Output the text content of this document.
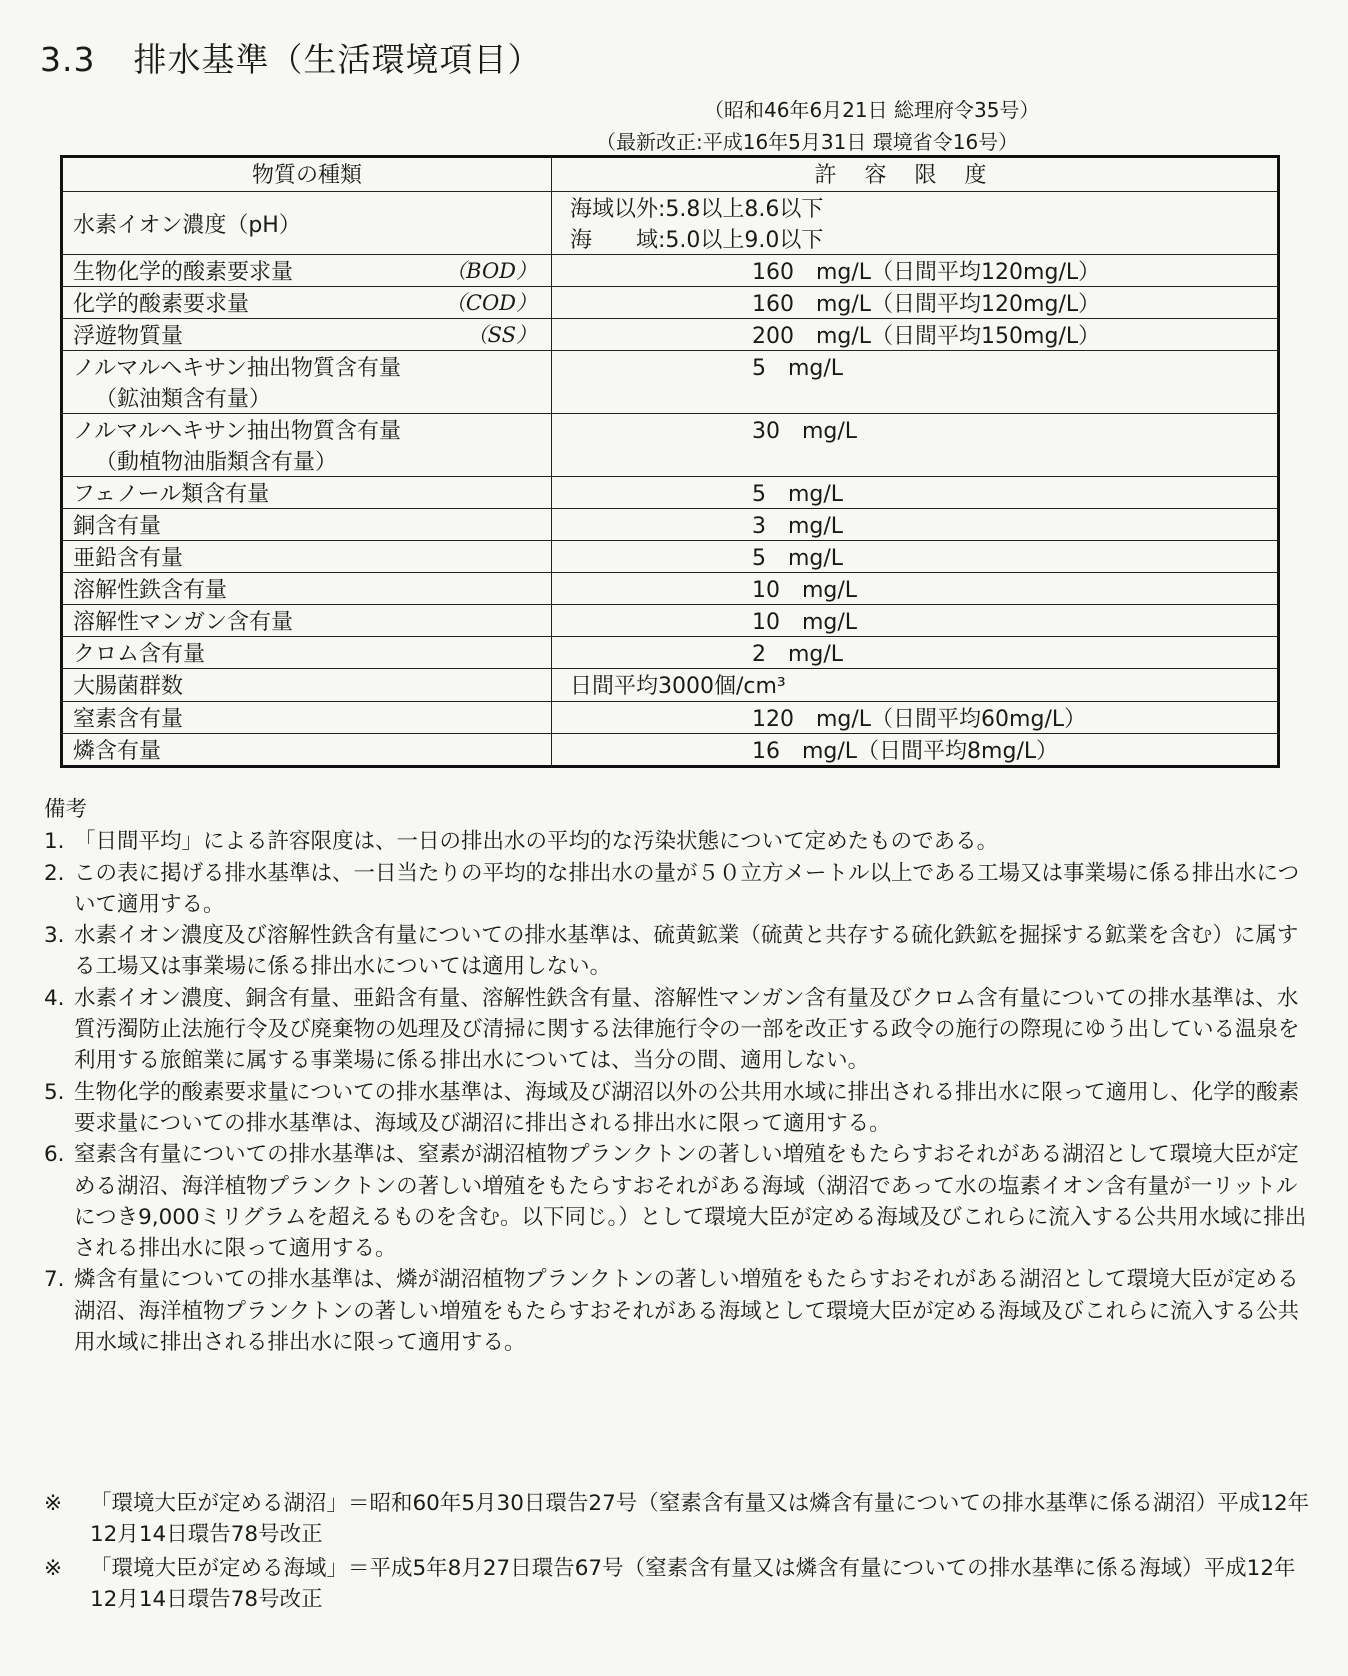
3.3 排水基準（生活環境項目）
（昭和46年6月21日 総理府令35号）
（最新改正:平成16年5月31日 環境省令16号）
物質の種類	許容限度
水素イオン濃度（pH）	海域以外:5.8以上8.6以下
海　　域:5.0以上9.0以下

生物化学的酸素要求量 （BOD）	160　mg/L（日間平均120mg/L）

化学的酸素要求量 （COD）	160　mg/L（日間平均120mg/L）

浮遊物質量 （SS）	200　mg/L（日間平均150mg/L）

ノルマルヘキサン抽出物質含有量
（鉱油類含有量）	5　mg/L

ノルマルヘキサン抽出物質含有量
（動植物油脂類含有量）	30　mg/L

フェノール類含有量	5　mg/L

銅含有量	3　mg/L

亜鉛含有量	5　mg/L

溶解性鉄含有量	10　mg/L

溶解性マンガン含有量	10　mg/L

クロム含有量	2　mg/L

大腸菌群数	日間平均3000個/cm³

窒素含有量	120　mg/L（日間平均60mg/L）

燐含有量	16　mg/L（日間平均8mg/L）
備考
1. 「日間平均」による許容限度は、一日の排出水の平均的な汚染状態について定めたものである。
2. この表に掲げる排水基準は、一日当たりの平均的な排出水の量が５０立方メートル以上である工場又は事業場に係る排出水について適用する。
3. 水素イオン濃度及び溶解性鉄含有量についての排水基準は、硫黄鉱業（硫黄と共存する硫化鉄鉱を掘採する鉱業を含む）に属する工場又は事業場に係る排出水については適用しない。
4. 水素イオン濃度、銅含有量、亜鉛含有量、溶解性鉄含有量、溶解性マンガン含有量及びクロム含有量についての排水基準は、水質汚濁防止法施行令及び廃棄物の処理及び清掃に関する法律施行令の一部を改正する政令の施行の際現にゆう出している温泉を利用する旅館業に属する事業場に係る排出水については、当分の間、適用しない。
5. 生物化学的酸素要求量についての排水基準は、海域及び湖沼以外の公共用水域に排出される排出水に限って適用し、化学的酸素要求量についての排水基準は、海域及び湖沼に排出される排出水に限って適用する。
6. 窒素含有量についての排水基準は、窒素が湖沼植物プランクトンの著しい増殖をもたらすおそれがある湖沼として環境大臣が定める湖沼、海洋植物プランクトンの著しい増殖をもたらすおそれがある海域（湖沼であって水の塩素イオン含有量が一リットルにつき9,000ミリグラムを超えるものを含む。以下同じ。）として環境大臣が定める海域及びこれらに流入する公共用水域に排出される排出水に限って適用する。
7. 燐含有量についての排水基準は、燐が湖沼植物プランクトンの著しい増殖をもたらすおそれがある湖沼として環境大臣が定める湖沼、海洋植物プランクトンの著しい増殖をもたらすおそれがある海域として環境大臣が定める海域及びこれらに流入する公共用水域に排出される排出水に限って適用する。
※	「環境大臣が定める湖沼」＝昭和60年5月30日環告27号（窒素含有量又は燐含有量についての排水基準に係る湖沼）平成12年12月14日環告78号改正
※	「環境大臣が定める海域」＝平成5年8月27日環告67号（窒素含有量又は燐含有量についての排水基準に係る海域）平成12年12月14日環告78号改正
